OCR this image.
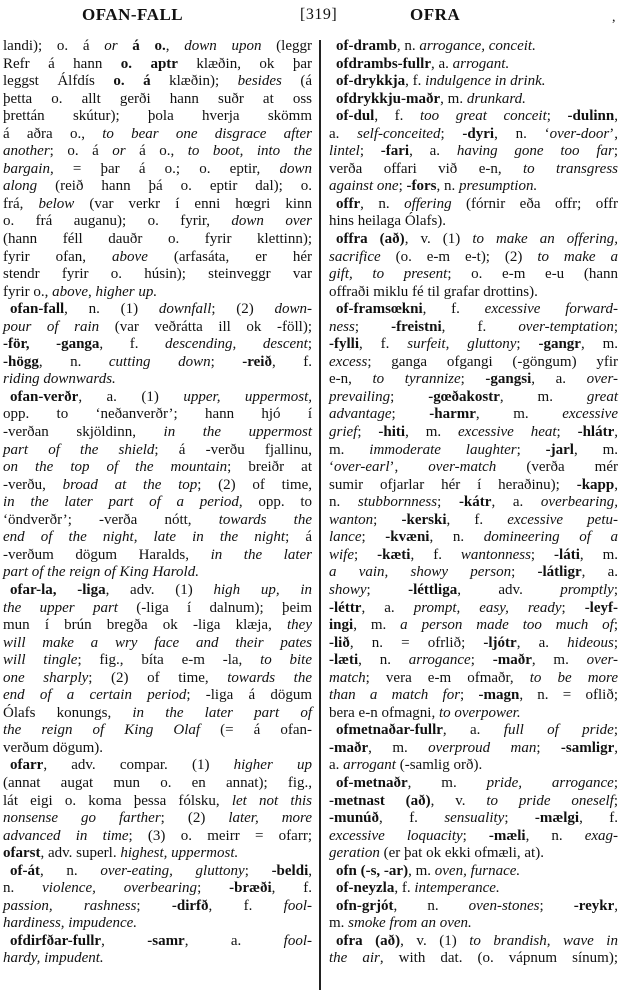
OFAN-FALL	[319]	OFRA	,
landi); o. á or á o., down upon (leggr
Refr á hann o. aptr klæðin, ok þar
leggst Álfdís o. á klæðin); besides (á
þetta o. allt gerði hann suðr at oss
þrettán skútur); þola hverja skömm
á aðra o., to bear one disgrace after
another; o. á or á o., to boot, into the
bargain, = þar á o.; o. eptir, down
along (reið hann þá o. eptir dal); o.
frá, below (var verkr í enni hœgri kinn
o. frá auganu); o. fyrir, down over
(hann féll dauðr o. fyrir klettinn);
fyrir ofan, above (arfasáta, er hér
stendr fyrir o. húsin); steinveggr var
fyrir o., above, higher up.
ofan-fall, n. (1) downfall; (2) down-
pour of rain (var veðrátta ill ok -föll);
-för, -ganga, f. descending, descent;
-högg, n. cutting down; -reið, f.
riding downwards.
ofan-verðr, a. (1) upper, uppermost,
opp. to ‘neðanverðr’; hann hjó í
-verðan skjöldinn, in the uppermost
part of the shield; á -verðu fjallinu,
on the top of the mountain; breiðr at
-verðu, broad at the top; (2) of time,
in the later part of a period, opp. to
‘öndverðr’; -verða nótt, towards the
end of the night, late in the night; á
-verðum dögum Haralds, in the later
part of the reign of King Harold.
ofar-la, -liga, adv. (1) high up, in
the upper part (-liga í dalnum); þeim
mun í brún bregða ok -liga klæja, they
will make a wry face and their pates
will tingle; fig., bíta e-m -la, to bite
one sharply; (2) of time, towards the
end of a certain period; -liga á dögum
Ólafs konungs, in the later part of
the reign of King Olaf (= á ofan-
verðum dögum).
ofarr, adv. compar. (1) higher up
(annat augat mun o. en annat); fig.,
lát eigi o. koma þessa fólsku, let not this
nonsense go farther; (2) later, more
advanced in time; (3) o. meirr = ofarr;
ofarst, adv. superl. highest, uppermost.
of-át, n. over-eating, gluttony; -beldi,
n. violence, overbearing; -bræði, f.
passion, rashness; -dirfð, f. fool-
hardiness, impudence.
ofdirfðar-fullr, -samr, a. fool-
hardy, impudent.
of-dramb, n. arrogance, conceit.
ofdrambs-fullr, a. arrogant.
of-drykkja, f. indulgence in drink.
ofdrykkju-maðr, m. drunkard.
of-dul, f. too great conceit; -dulinn,
a. self-conceited; -dyri, n. ‘over-door’,
lintel; -fari, a. having gone too far;
verða offari við e-n, to transgress
against one; -fors, n. presumption.
offr, n. offering (fórnir eða offr; offr
hins heilaga Ólafs).
offra (að), v. (1) to make an offering,
sacrifice (o. e-m e-t); (2) to make a
gift, to present; o. e-m e-u (hann
offraði miklu fé til grafar drottins).
of-framsœkni, f. excessive forward-
ness; -freistni, f. over-temptation;
-fylli, f. surfeit, gluttony; -gangr, m.
excess; ganga ofgangi (-göngum) yfir
e-n, to tyrannize; -gangsi, a. over-
prevailing; -gœðakostr, m. great
advantage; -harmr, m. excessive
grief; -hiti, m. excessive heat; -hlátr,
m. immoderate laughter; -jarl, m.
‘over-earl’, over-match (verða mér
sumir ofjarlar hér í heraðinu); -kapp,
n. stubbornness; -kátr, a. overbearing,
wanton; -kerski, f. excessive petu-
lance; -kvæni, n. domineering of a
wife; -kæti, f. wantonness; -láti, m.
a vain, showy person; -látligr, a.
showy; -léttliga, adv. promptly;
-léttr, a. prompt, easy, ready; -leyf-
ingi, m. a person made too much of;
-lið, n. = ofrlið; -ljótr, a. hideous;
-læti, n. arrogance; -maðr, m. over-
match; vera e-m ofmaðr, to be more
than a match for; -magn, n. = oflið;
bera e-n ofmagni, to overpower.
ofmetnaðar-fullr, a. full of pride;
-maðr, m. overproud man; -samligr,
a. arrogant (-samlig orð).
of-metnaðr, m. pride, arrogance;
-metnast (að), v. to pride oneself;
-munúð, f. sensuality; -mælgi, f.
excessive loquacity; -mæli, n. exag-
geration (er þat ok ekki ofmæli, at).
ofn (-s, -ar), m. oven, furnace.
of-neyzla, f. intemperance.
ofn-grjót, n. oven-stones; -reykr,
m. smoke from an oven.
ofra (að), v. (1) to brandish, wave in
the air, with dat. (o. vápnum sínum);
